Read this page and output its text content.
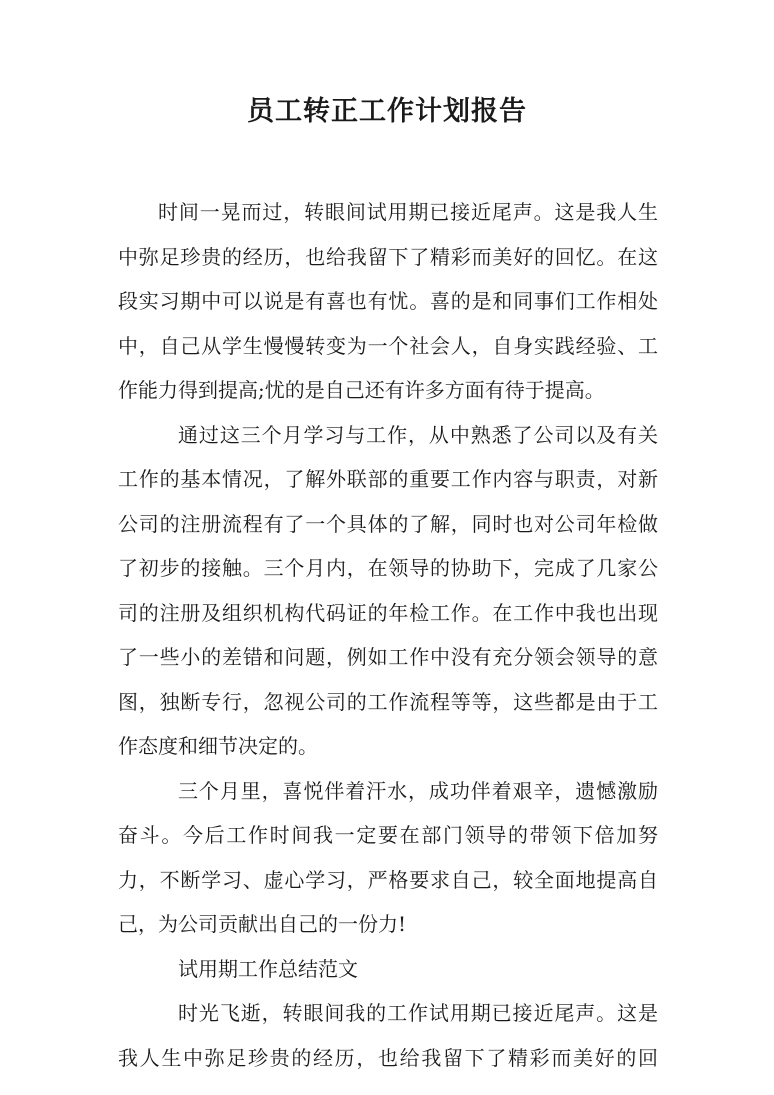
员工转正工作计划报告
时间一晃而过，转眼间试用期已接近尾声。这是我人生
中弥足珍贵的经历，也给我留下了精彩而美好的回忆。在这
段实习期中可以说是有喜也有忧。喜的是和同事们工作相处
中，自己从学生慢慢转变为一个社会人，自身实践经验、工
作能力得到提高;忧的是自己还有许多方面有待于提高。
通过这三个月学习与工作，从中熟悉了公司以及有关
工作的基本情况，了解外联部的重要工作内容与职责，对新
公司的注册流程有了一个具体的了解，同时也对公司年检做
了初步的接触。三个月内，在领导的协助下，完成了几家公
司的注册及组织机构代码证的年检工作。在工作中我也出现
了一些小的差错和问题，例如工作中没有充分领会领导的意
图，独断专行，忽视公司的工作流程等等，这些都是由于工
作态度和细节决定的。
三个月里，喜悦伴着汗水，成功伴着艰辛，遗憾激励
奋斗。今后工作时间我一定要在部门领导的带领下倍加努
力，不断学习、虚心学习，严格要求自己，较全面地提高自
己，为公司贡献出自己的一份力!
试用期工作总结范文
时光飞逝，转眼间我的工作试用期已接近尾声。这是
我人生中弥足珍贵的经历，也给我留下了精彩而美好的回
